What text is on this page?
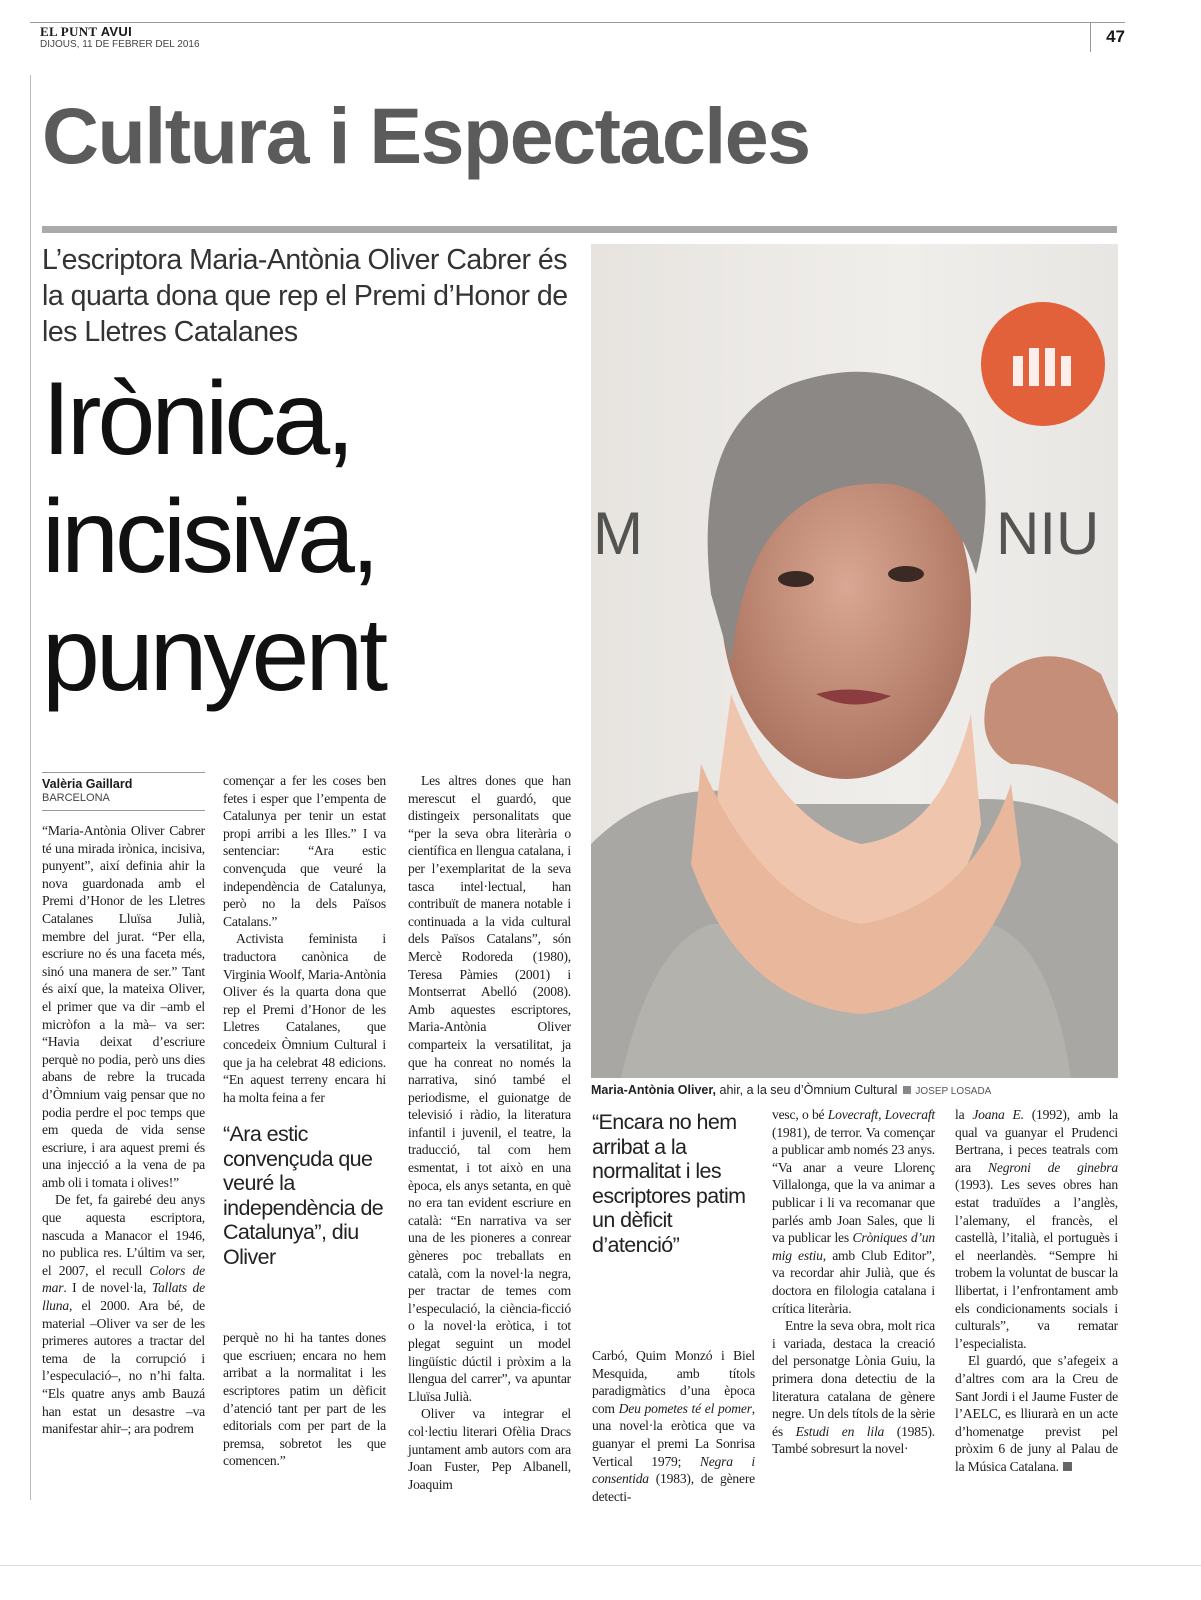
EL PUNT AVUI
DIJOUS, 11 DE FEBRER DEL 2016	47
Cultura i Espectacles
L’escriptora Maria-Antònia Oliver Cabrer és la quarta dona que rep el Premi d’Honor de les Lletres Catalanes
Irònica,
incisiva,
punyent
M	NIU
Maria-Antònia Oliver, ahir, a la seu d’Òmnium Cultural JOSEP LOSADA
Valèria Gaillard
BARCELONA

“Maria-Antònia Oliver Cabrer té una mirada irònica, incisiva, punyent”, així definia ahir la nova guardonada amb el Premi d’Honor de les Lletres Catalanes Lluïsa Julià, membre del jurat. “Per ella, escriure no és una faceta més, sinó una manera de ser.” Tant és així que, la mateixa Oliver, el primer que va dir –amb el micròfon a la mà– va ser: “Havia deixat d’escriure perquè no podia, però uns dies abans de rebre la trucada d’Òmnium vaig pensar que no podia perdre el poc temps que em queda de vida sense escriure, i ara aquest premi és una injecció a la vena de pa amb oli i tomata i olives!”

De fet, fa gairebé deu anys que aquesta escriptora, nascuda a Manacor el 1946, no publica res. L’últim va ser, el 2007, el recull Colors de mar. I de novel·la, Tallats de lluna, el 2000. Ara bé, de material –Oliver va ser de les primeres autores a tractar del tema de la corrupció i l’especulació–, no n’hi falta. “Els quatre anys amb Bauzá han estat un desastre –va manifestar ahir–; ara podrem

començar a fer les coses ben fetes i esper que l’empenta de Catalunya per tenir un estat propi arribi a les Illes.” I va sentenciar: “Ara estic convençuda que veuré la independència de Catalunya, però no la dels Països Catalans.”

Activista feminista i traductora canònica de Virginia Woolf, Maria-Antònia Oliver és la quarta dona que rep el Premi d’Honor de les Lletres Catalanes, que concedeix Òmnium Cultural i que ja ha celebrat 48 edicions. “En aquest terreny encara hi ha molta feina a fer

“Ara estic convençuda que veuré la independència de Catalunya”, diu Oliver

perquè no hi ha tantes dones que escriuen; encara no hem arribat a la normalitat i les escriptores patim un dèficit d’atenció tant per part de les editorials com per part de la premsa, sobretot les que comencen.”

Les altres dones que han merescut el guardó, que distingeix personalitats que “per la seva obra literària o científica en llengua catalana, i per l’exemplaritat de la seva tasca intel·lectual, han contribuït de manera notable i continuada a la vida cultural dels Països Catalans”, són Mercè Rodoreda (1980), Teresa Pàmies (2001) i Montserrat Abelló (2008). Amb aquestes escriptores, Maria-Antònia Oliver comparteix la versatilitat, ja que ha conreat no només la narrativa, sinó també el periodisme, el guionatge de televisió i ràdio, la literatura infantil i juvenil, el teatre, la traducció, tal com hem esmentat, i tot això en una època, els anys setanta, en què no era tan evident escriure en català: “En narrativa va ser una de les pioneres a conrear gèneres poc treballats en català, com la novel·la negra, per tractar de temes com l’especulació, la ciència-ficció o la novel·la eròtica, i tot plegat seguint un model lingüístic dúctil i pròxim a la llengua del carrer”, va apuntar Lluïsa Julià.

Oliver va integrar el col·lectiu literari Ofèlia Dracs juntament amb autors com ara Joan Fuster, Pep Albanell, Joaquim

“Encara no hem arribat a la normalitat i les escriptores patim un dèficit d’atenció”

Carbó, Quim Monzó i Biel Mesquida, amb títols paradigmàtics d’una època com Deu pometes té el pomer, una novel·la eròtica que va guanyar el premi La Sonrisa Vertical 1979; Negra i consentida (1983), de gènere detecti-

vesc, o bé Lovecraft, Lovecraft (1981), de terror. Va començar a publicar amb només 23 anys. “Va anar a veure Llorenç Villalonga, que la va animar a publicar i li va recomanar que parlés amb Joan Sales, que li va publicar les Cròniques d’un mig estiu, amb Club Editor”, va recordar ahir Julià, que és doctora en filologia catalana i crítica literària.

Entre la seva obra, molt rica i variada, destaca la creació del personatge Lònia Guiu, la primera dona detectiu de la literatura catalana de gènere negre. Un dels títols de la sèrie és Estudi en lila (1985). També sobresurt la novel·

la Joana E. (1992), amb la qual va guanyar el Prudenci Bertrana, i peces teatrals com ara Negroni de ginebra (1993). Les seves obres han estat traduïdes a l’anglès, l’alemany, el francès, el castellà, l’italià, el portuguès i el neerlandès. “Sempre hi trobem la voluntat de buscar la llibertat, i l’enfrontament amb els condicionaments socials i culturals”, va rematar l’especialista.

El guardó, que s’afegeix a d’altres com ara la Creu de Sant Jordi i el Jaume Fuster de l’AELC, es lliurarà en un acte d’homenatge previst pel pròxim 6 de juny al Palau de la Música Catalana.
